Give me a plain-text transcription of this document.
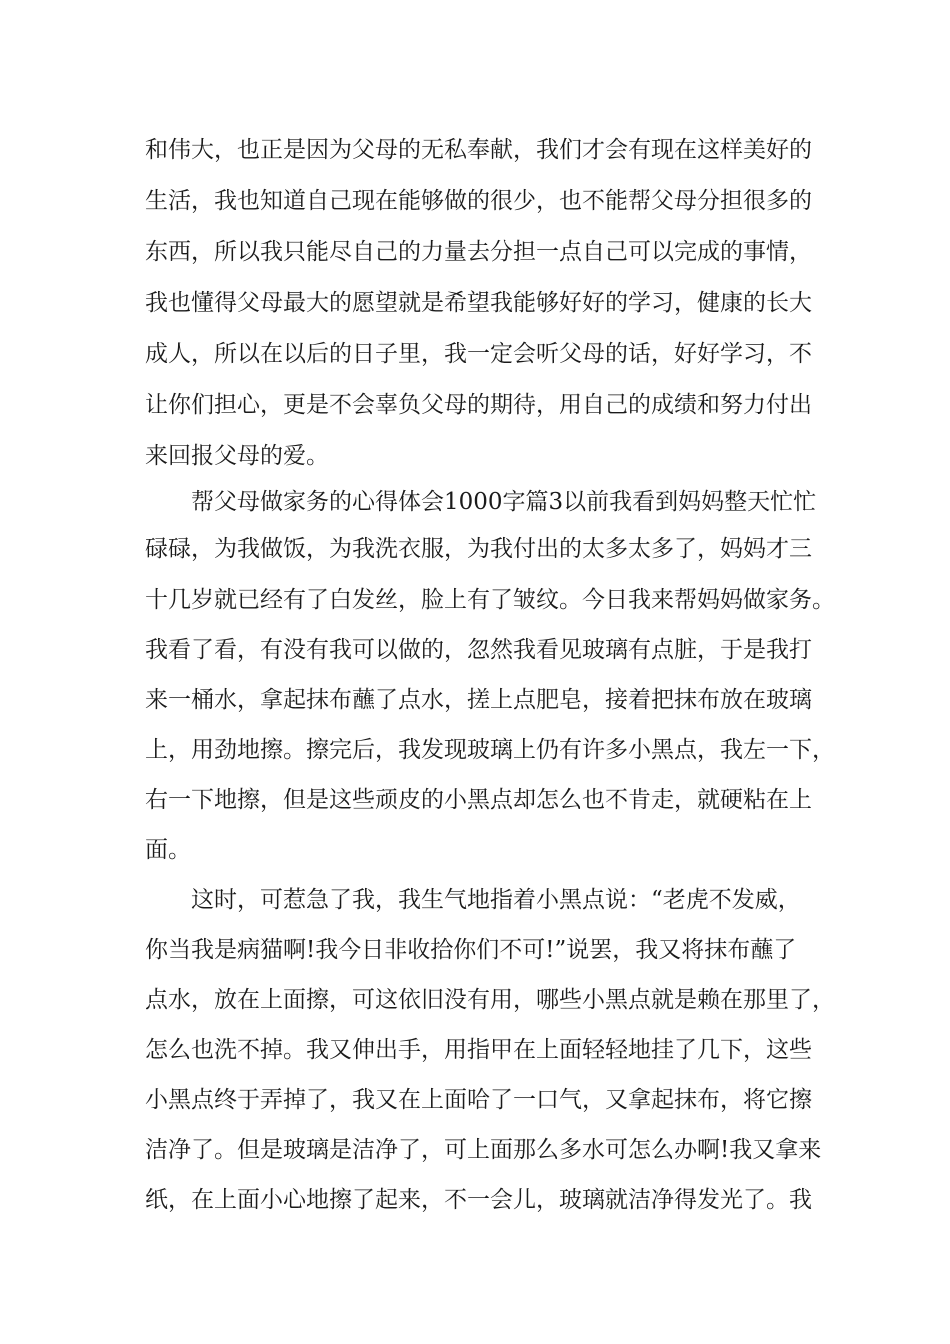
和伟大，也正是因为父母的无私奉献，我们才会有现在这样美好的
生活，我也知道自己现在能够做的很少，也不能帮父母分担很多的
东西，所以我只能尽自己的力量去分担一点自己可以完成的事情，
我也懂得父母最大的愿望就是希望我能够好好的学习，健康的长大
成人，所以在以后的日子里，我一定会听父母的话，好好学习，不
让你们担心，更是不会辜负父母的期待，用自己的成绩和努力付出
来回报父母的爱。
帮父母做家务的心得体会1000字篇3以前我看到妈妈整天忙忙
碌碌，为我做饭，为我洗衣服，为我付出的太多太多了，妈妈才三
十几岁就已经有了白发丝，脸上有了皱纹。今日我来帮妈妈做家务。
我看了看，有没有我可以做的，忽然我看见玻璃有点脏，于是我打
来一桶水，拿起抹布蘸了点水，搓上点肥皂，接着把抹布放在玻璃
上，用劲地擦。擦完后，我发现玻璃上仍有许多小黑点，我左一下，
右一下地擦，但是这些顽皮的小黑点却怎么也不肯走，就硬粘在上
面。
这时，可惹急了我，我生气地指着小黑点说：“老虎不发威，
你当我是病猫啊!我今日非收拾你们不可!”说罢，我又将抹布蘸了
点水，放在上面擦，可这依旧没有用，哪些小黑点就是赖在那里了，
怎么也洗不掉。我又伸出手，用指甲在上面轻轻地挂了几下，这些
小黑点终于弄掉了，我又在上面哈了一口气，又拿起抹布，将它擦
洁净了。但是玻璃是洁净了，可上面那么多水可怎么办啊!我又拿来
纸，在上面小心地擦了起来，不一会儿，玻璃就洁净得发光了。我
